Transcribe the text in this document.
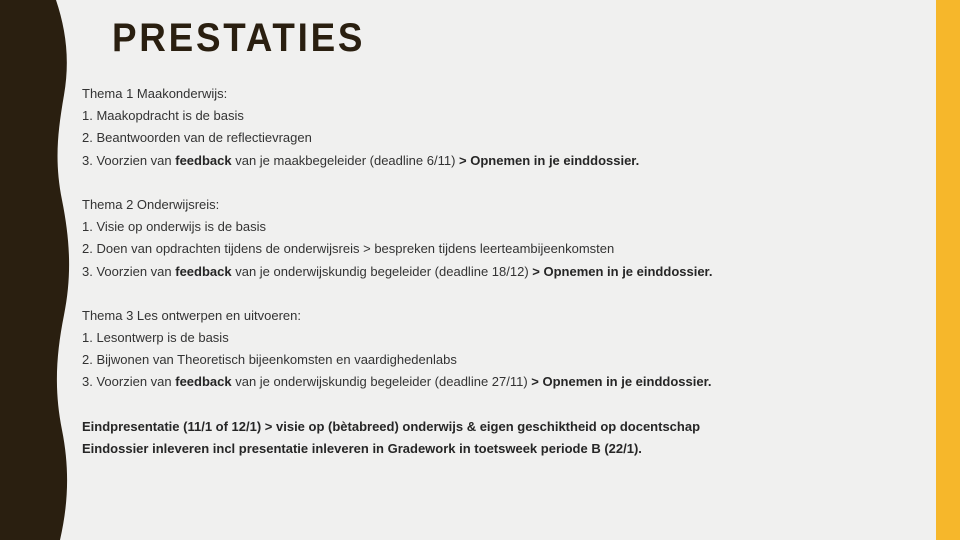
PRESTATIES
Thema 1 Maakonderwijs:
1. Maakopdracht is de basis
2. Beantwoorden van de reflectievragen
3. Voorzien van feedback van je maakbegeleider (deadline 6/11) > Opnemen in je einddossier.
Thema 2 Onderwijsreis:
1. Visie op onderwijs is de basis
2. Doen van opdrachten tijdens de onderwijsreis > bespreken tijdens leerteambijeenkomsten
3. Voorzien van feedback van je onderwijskundig begeleider (deadline 18/12) > Opnemen in je einddossier.
Thema 3 Les ontwerpen en uitvoeren:
1. Lesontwerp is de basis
2. Bijwonen van Theoretisch bijeenkomsten en vaardighedenlabs
3. Voorzien van feedback van je onderwijskundig begeleider (deadline 27/11) > Opnemen in je einddossier.
Eindpresentatie (11/1 of 12/1) > visie op (bètabreed) onderwijs & eigen geschiktheid op docentschap
Eindossier inleveren incl presentatie inleveren in Gradework in toetsweek periode B (22/1).
